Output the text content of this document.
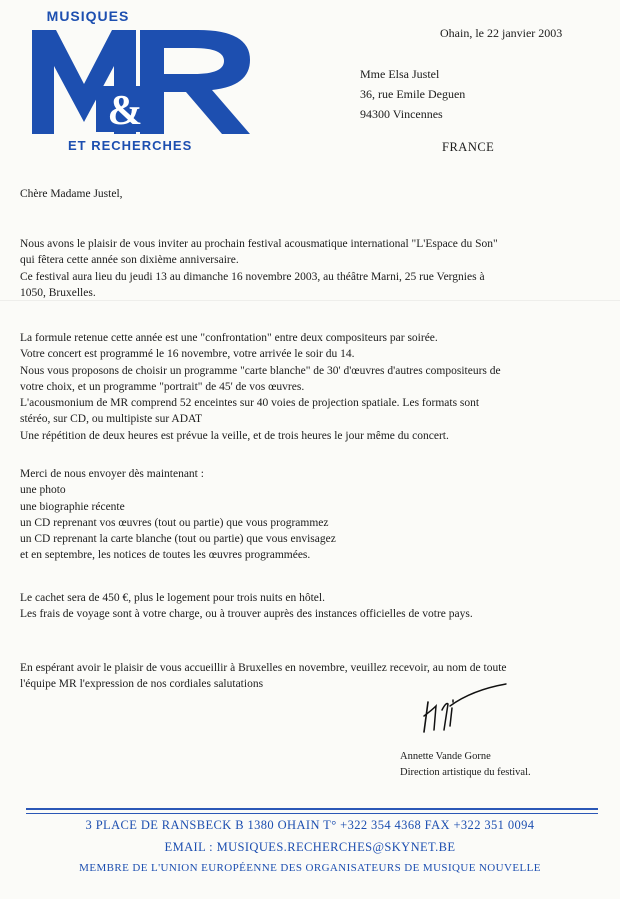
MUSIQUES
&
ET RECHERCHES
Ohain, le 22 janvier 2003
Mme Elsa Justel
36, rue Emile Deguen
94300 Vincennes
FRANCE
Chère Madame Justel,
Nous avons le plaisir de vous inviter au prochain festival acousmatique international "L'Espace du Son"
qui fêtera cette année son dixième anniversaire.
Ce festival aura lieu du jeudi 13 au dimanche 16 novembre 2003, au théâtre Marni, 25 rue Vergnies à
1050, Bruxelles.
La formule retenue cette année est une "confrontation" entre deux compositeurs par soirée.
Votre concert est programmé le 16 novembre, votre arrivée le soir du 14.
Nous vous proposons de choisir un programme "carte blanche" de 30' d'œuvres d'autres compositeurs de
votre choix, et un programme "portrait" de 45' de vos œuvres.
L'acousmonium de MR comprend 52 enceintes sur 40 voies de projection spatiale. Les formats sont
stéréo, sur CD, ou multipiste sur ADAT
Une répétition de deux heures est prévue la veille, et de trois heures le jour même du concert.
Merci de nous envoyer dès maintenant :
une photo
une biographie récente
un CD reprenant vos œuvres (tout ou partie) que vous programmez
un CD reprenant la carte blanche (tout ou partie) que vous envisagez
et en septembre, les notices de toutes les œuvres programmées.
Le cachet sera de 450 €, plus le logement pour trois nuits en hôtel.
Les frais de voyage sont à votre charge, ou à trouver auprès des instances officielles de votre pays.
En espérant avoir le plaisir de vous accueillir à Bruxelles en novembre, veuillez recevoir, au nom de toute
l'équipe MR l'expression de nos cordiales salutations
Annette Vande Gorne
Direction artistique du festival.
3 PLACE DE RANSBECK B 1380 OHAIN T° +322 354 4368 FAX +322 351 0094
EMAIL : MUSIQUES.RECHERCHES@SKYNET.BE
MEMBRE DE L'UNION EUROPÉENNE DES ORGANISATEURS DE MUSIQUE NOUVELLE
